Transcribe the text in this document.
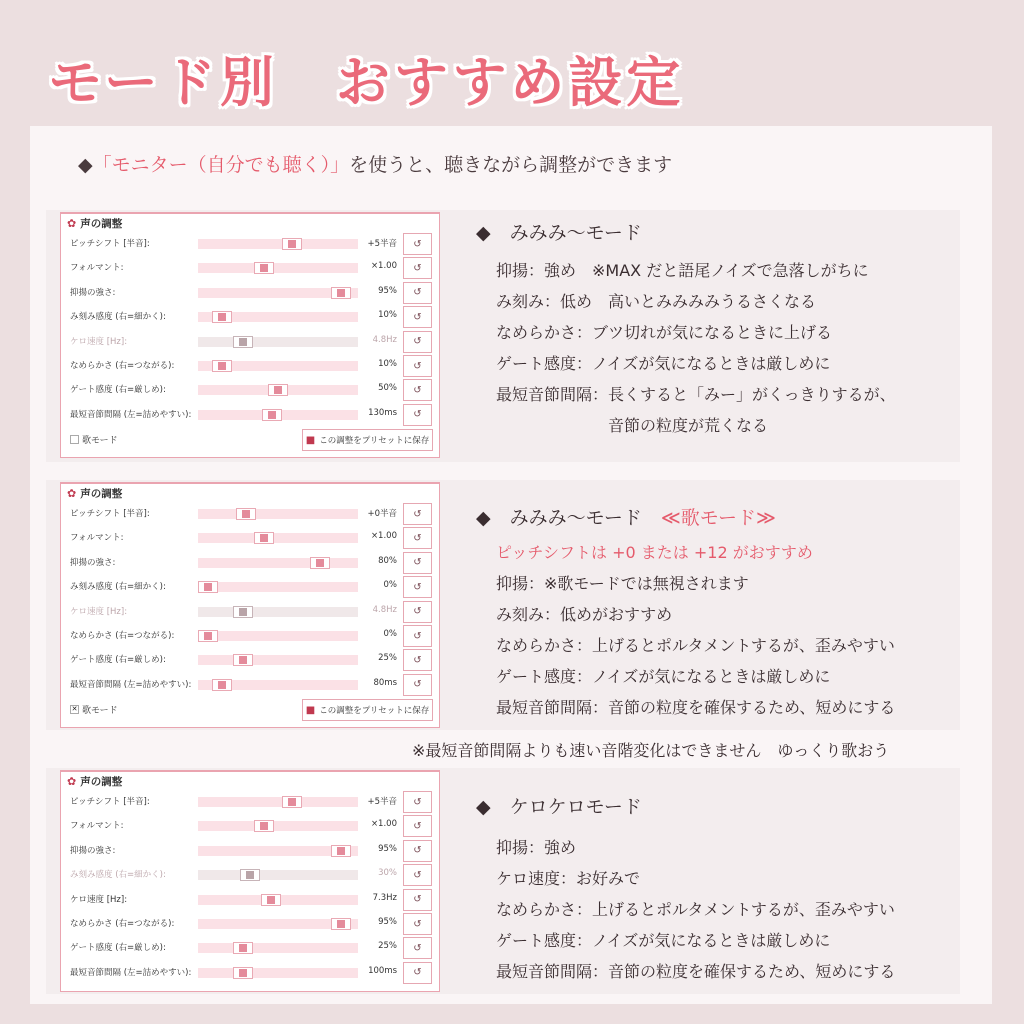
モード別　おすすめ設定
◆「モニター（自分でも聴く）」を使うと、聴きながら調整ができます
✿ 声の調整
ピッチシフト [半音]:	+5半音 ↺
フォルマント:	×1.00 ↺
抑揚の強さ:	95% ↺
み刻み感度 (右=細かく):	10% ↺
ケロ速度 [Hz]:	4.8Hz ↺
なめらかさ (右=つながる):	10% ↺
ゲート感度 (右=厳しめ):	50% ↺
最短音節間隔 (左=詰めやすい):	130ms ↺
歌モード	■ この調整をプリセットに保存
✿ 声の調整
ピッチシフト [半音]:	+0半音 ↺
フォルマント:	×1.00 ↺
抑揚の強さ:	80% ↺
み刻み感度 (右=細かく):	0% ↺
ケロ速度 [Hz]:	4.8Hz ↺
なめらかさ (右=つながる):	0% ↺
ゲート感度 (右=厳しめ):	25% ↺
最短音節間隔 (左=詰めやすい):	80ms ↺
✕ 歌モード	■ この調整をプリセットに保存
✿ 声の調整
ピッチシフト [半音]:	+5半音 ↺
フォルマント:	×1.00 ↺
抑揚の強さ:	95% ↺
み刻み感度 (右=細かく):	30% ↺
ケロ速度 [Hz]:	7.3Hz ↺
なめらかさ (右=つながる):	95% ↺
ゲート感度 (右=厳しめ):	25% ↺
最短音節間隔 (左=詰めやすい):	100ms ↺
◆　みみみ〜モード
抑揚：強め　※MAX だと語尾ノイズで急落しがちに
み刻み：低め　高いとみみみみうるさくなる
なめらかさ：ブツ切れが気になるときに上げる
ゲート感度：ノイズが気になるときは厳しめに
最短音節間隔：長くすると「みー」がくっきりするが、
　　　　　　　音節の粒度が荒くなる
◆　みみみ〜モード　 ≪歌モード≫
ピッチシフトは +0 または +12 がおすすめ
抑揚：※歌モードでは無視されます
み刻み：低めがおすすめ
なめらかさ：上げるとポルタメントするが、歪みやすい
ゲート感度：ノイズが気になるときは厳しめに
最短音節間隔：音節の粒度を確保するため、短めにする
※最短音節間隔よりも速い音階変化はできません　ゆっくり歌おう
◆　ケロケロモード
抑揚：強め
ケロ速度：お好みで
なめらかさ：上げるとポルタメントするが、歪みやすい
ゲート感度：ノイズが気になるときは厳しめに
最短音節間隔：音節の粒度を確保するため、短めにする
